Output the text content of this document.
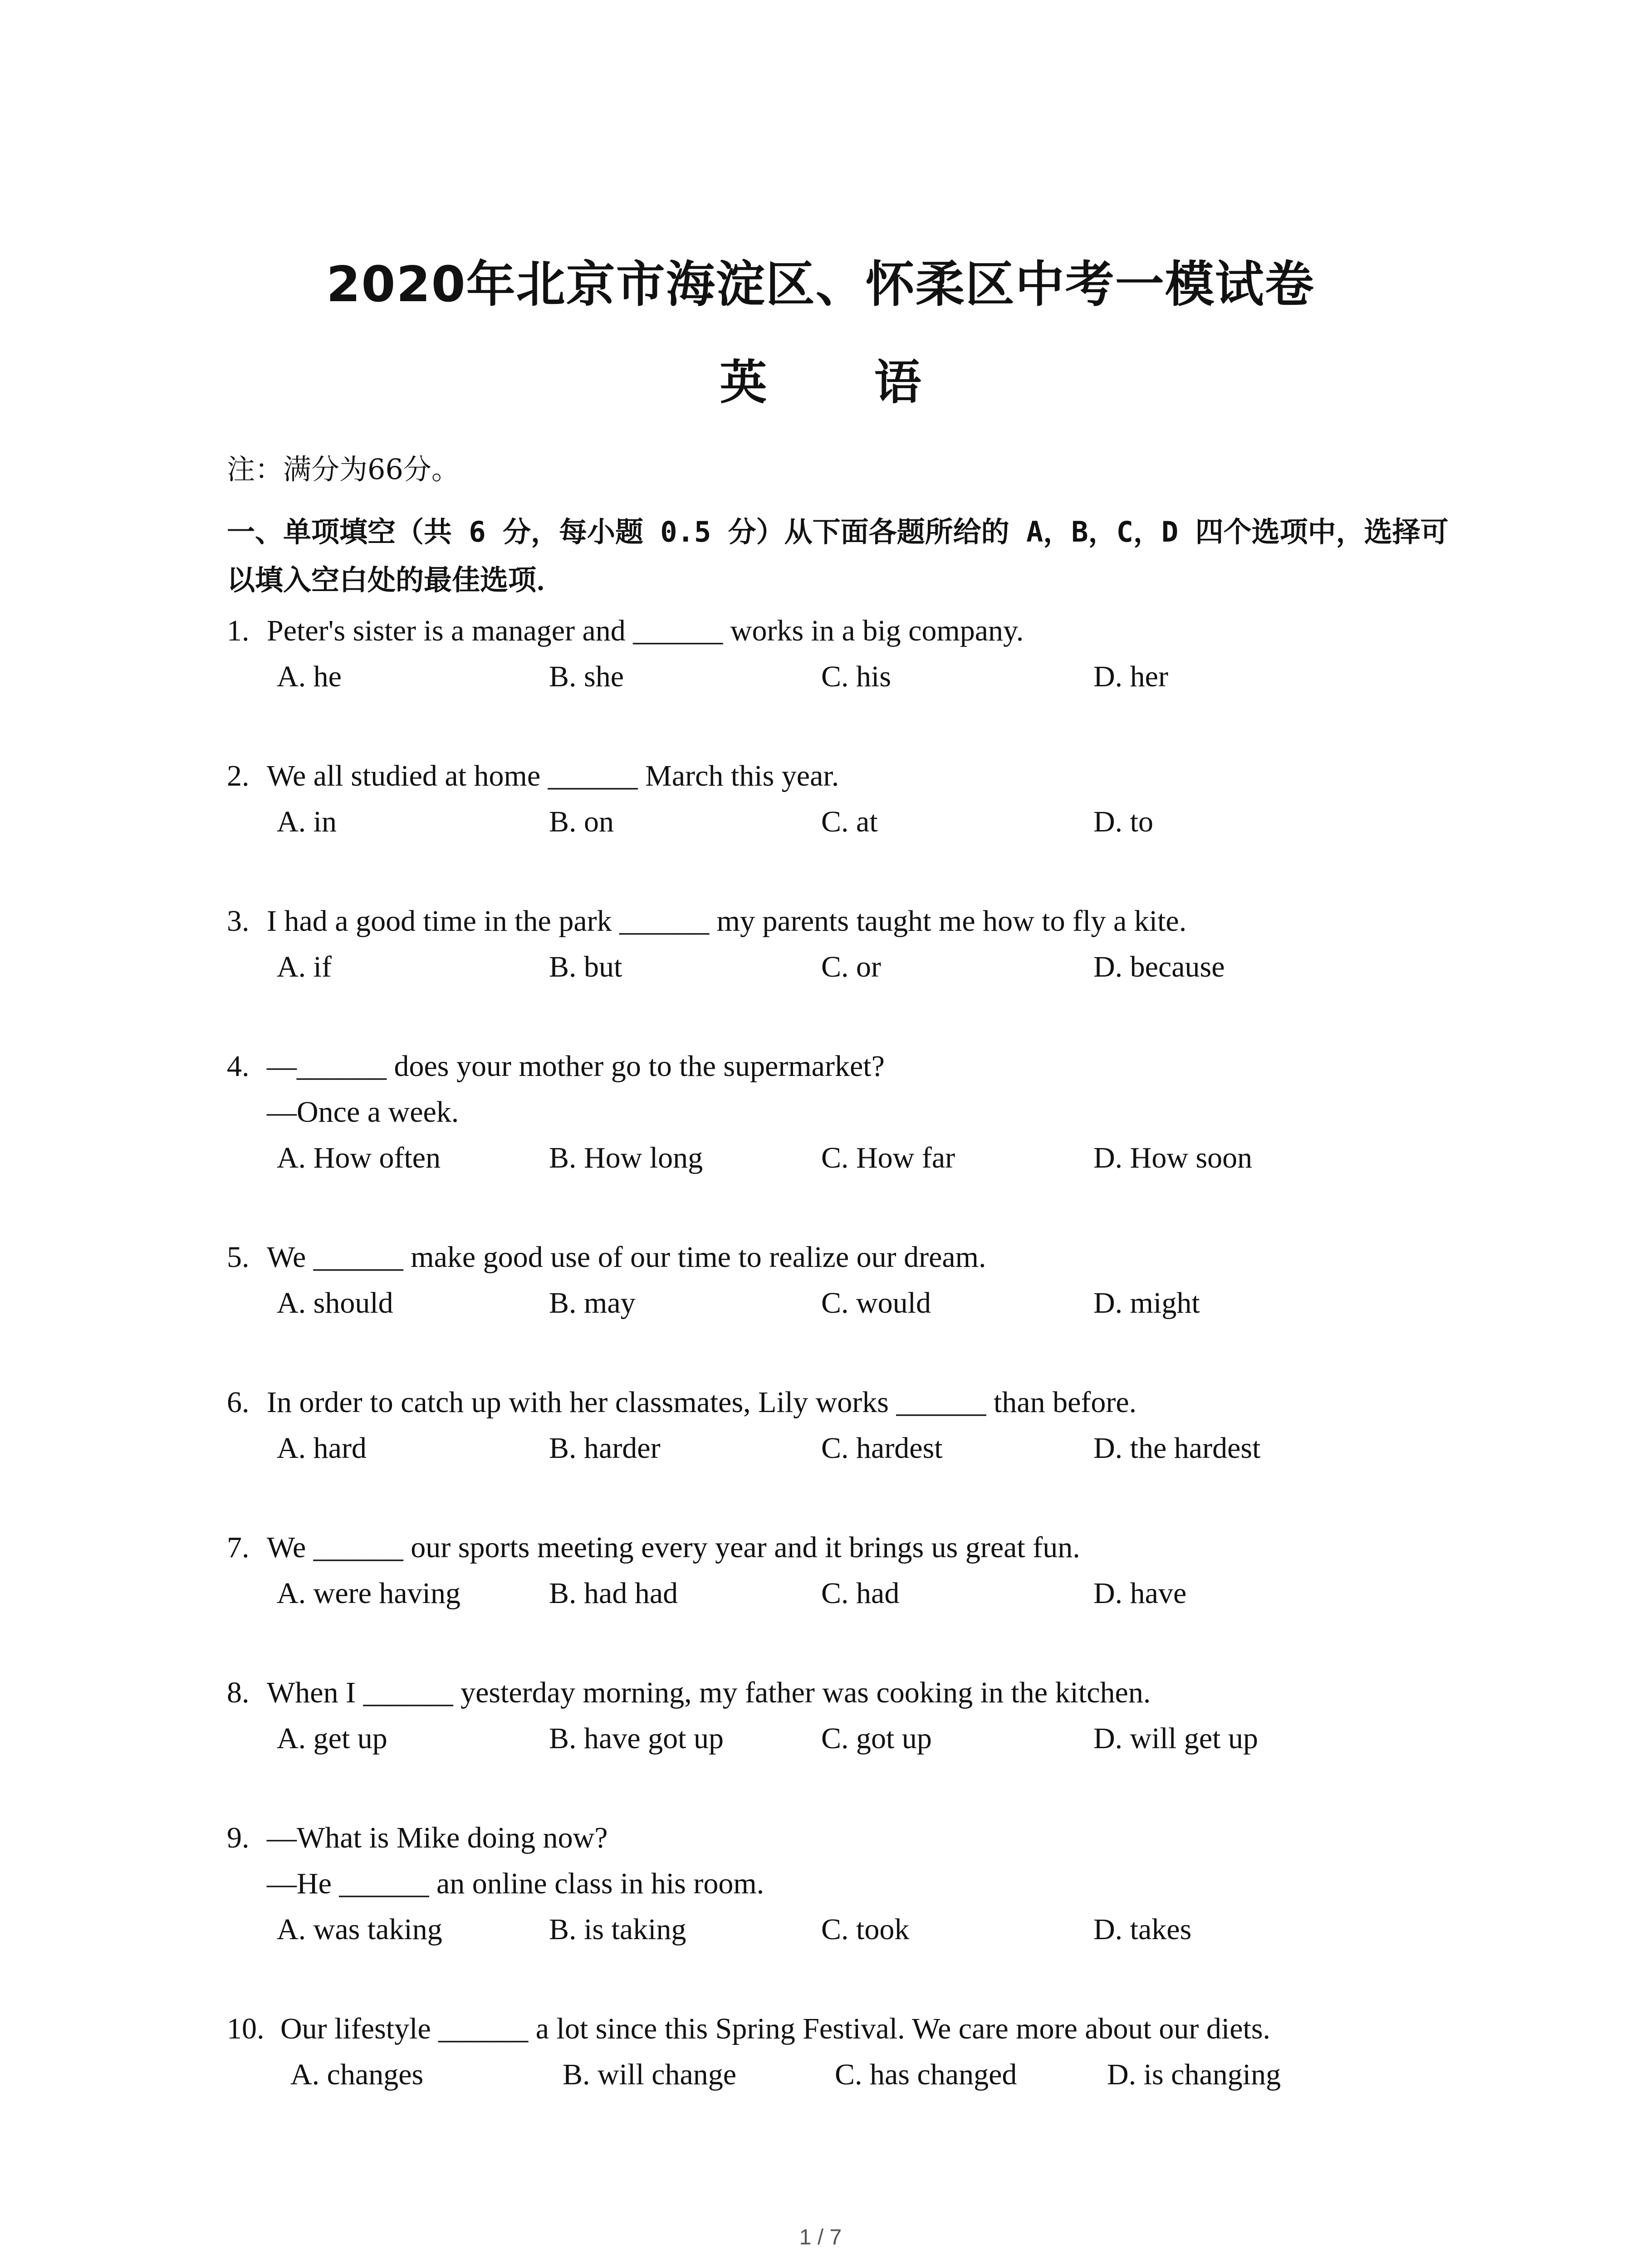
2020年北京市海淀区、怀柔区中考一模试卷
英 语
注：满分为66分。
一、单项填空（共 6 分，每小题 0.5 分）从下面各题所给的 A，B，C，D 四个选项中，选择可以填入空白处的最佳选项．
1. Peter's sister is a manager and ______ works in a big company.
A. he	B. she	C. his	D. her
2. We all studied at home ______ March this year.
A. in	B. on	C. at	D. to
3. I had a good time in the park ______ my parents taught me how to fly a kite.
A. if	B. but	C. or	D. because
4. —______ does your mother go to the supermarket?
—Once a week.
A. How often	B. How long	C. How far	D. How soon
5. We ______ make good use of our time to realize our dream.
A. should	B. may	C. would	D. might
6. In order to catch up with her classmates, Lily works ______ than before.
A. hard	B. harder	C. hardest	D. the hardest
7. We ______ our sports meeting every year and it brings us great fun.
A. were having	B. had had	C. had	D. have
8. When I ______ yesterday morning, my father was cooking in the kitchen.
A. get up	B. have got up	C. got up	D. will get up
9. —What is Mike doing now?
—He ______ an online class in his room.
A. was taking	B. is taking	C. took	D. takes
10. Our lifestyle ______ a lot since this Spring Festival. We care more about our diets.
A. changes	B. will change	C. has changed	D. is changing
1 / 7
